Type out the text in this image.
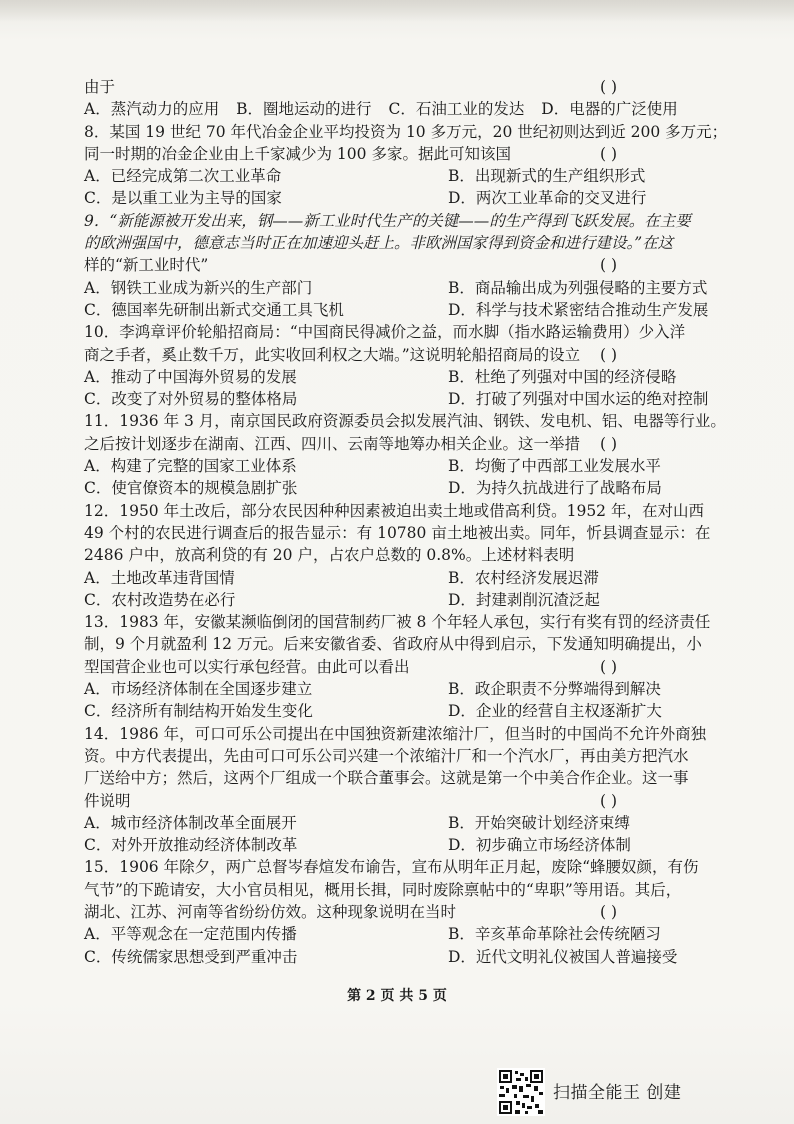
由于	( )
A．蒸汽动力的应用 B．圈地运动的进行 C．石油工业的发达 D．电器的广泛使用
8．某国 19 世纪 70 年代冶金企业平均投资为 10 多万元，20 世纪初则达到近 200 多万元；
同一时期的冶金企业由上千家减少为 100 多家。据此可知该国	( )
A．已经完成第二次工业革命	B．出现新式的生产组织形式
C．是以重工业为主导的国家	D．两次工业革命的交叉进行
9．“新能源被开发出来，钢——新工业时代生产的关键——的生产得到飞跃发展。在主要
的欧洲强国中，德意志当时正在加速迎头赶上。非欧洲国家得到资金和进行建设。”在这
样的“新工业时代”	( )
A．钢铁工业成为新兴的生产部门	B．商品输出成为列强侵略的主要方式
C．德国率先研制出新式交通工具飞机	D．科学与技术紧密结合推动生产发展
10．李鸿章评价轮船招商局：“中国商民得减价之益，而水脚（指水路运输费用）少入洋
商之手者，奚止数千万，此实收回利权之大端。”这说明轮船招商局的设立 ( )
A．推动了中国海外贸易的发展	B．杜绝了列强对中国的经济侵略
C．改变了对外贸易的整体格局	D．打破了列强对中国水运的绝对控制
11．1936 年 3 月，南京国民政府资源委员会拟发展汽油、钢铁、发电机、铝、电器等行业。
之后按计划逐步在湖南、江西、四川、云南等地筹办相关企业。这一举措 ( )
A．构建了完整的国家工业体系	B．均衡了中西部工业发展水平
C．使官僚资本的规模急剧扩张	D．为持久抗战进行了战略布局
12．1950 年土改后，部分农民因种种因素被迫出卖土地或借高利贷。1952 年，在对山西
49 个村的农民进行调查后的报告显示：有 10780 亩土地被出卖。同年，忻县调查显示：在
2486 户中，放高利贷的有 20 户，占农户总数的 0.8%。上述材料表明
A．土地改革违背国情	B．农村经济发展迟滞
C．农村改造势在必行	D．封建剥削沉渣泛起
13．1983 年，安徽某濒临倒闭的国营制药厂被 8 个年轻人承包，实行有奖有罚的经济责任
制，9 个月就盈利 12 万元。后来安徽省委、省政府从中得到启示，下发通知明确提出，小
型国营企业也可以实行承包经营。由此可以看出	( )
A．市场经济体制在全国逐步建立	B．政企职责不分弊端得到解决
C．经济所有制结构开始发生变化	D．企业的经营自主权逐渐扩大
14．1986 年，可口可乐公司提出在中国独资新建浓缩汁厂，但当时的中国尚不允许外商独
资。中方代表提出，先由可口可乐公司兴建一个浓缩汁厂和一个汽水厂，再由美方把汽水
厂送给中方；然后，这两个厂组成一个联合董事会。这就是第一个中美合作企业。这一事
件说明	( )
A．城市经济体制改革全面展开	B．开始突破计划经济束缚
C．对外开放推动经济体制改革	D．初步确立市场经济体制
15．1906 年除夕，两广总督岑春煊发布谕告，宣布从明年正月起，废除“蜂腰奴颜，有伤
气节”的下跪请安，大小官员相见，概用长揖，同时废除禀帖中的“卑职”等用语。其后，
湖北、江苏、河南等省纷纷仿效。这种现象说明在当时	( )
A．平等观念在一定范围内传播	B．辛亥革命革除社会传统陋习
C．传统儒家思想受到严重冲击	D．近代文明礼仪被国人普遍接受
第 2 页 共 5 页
扫描全能王 创建
